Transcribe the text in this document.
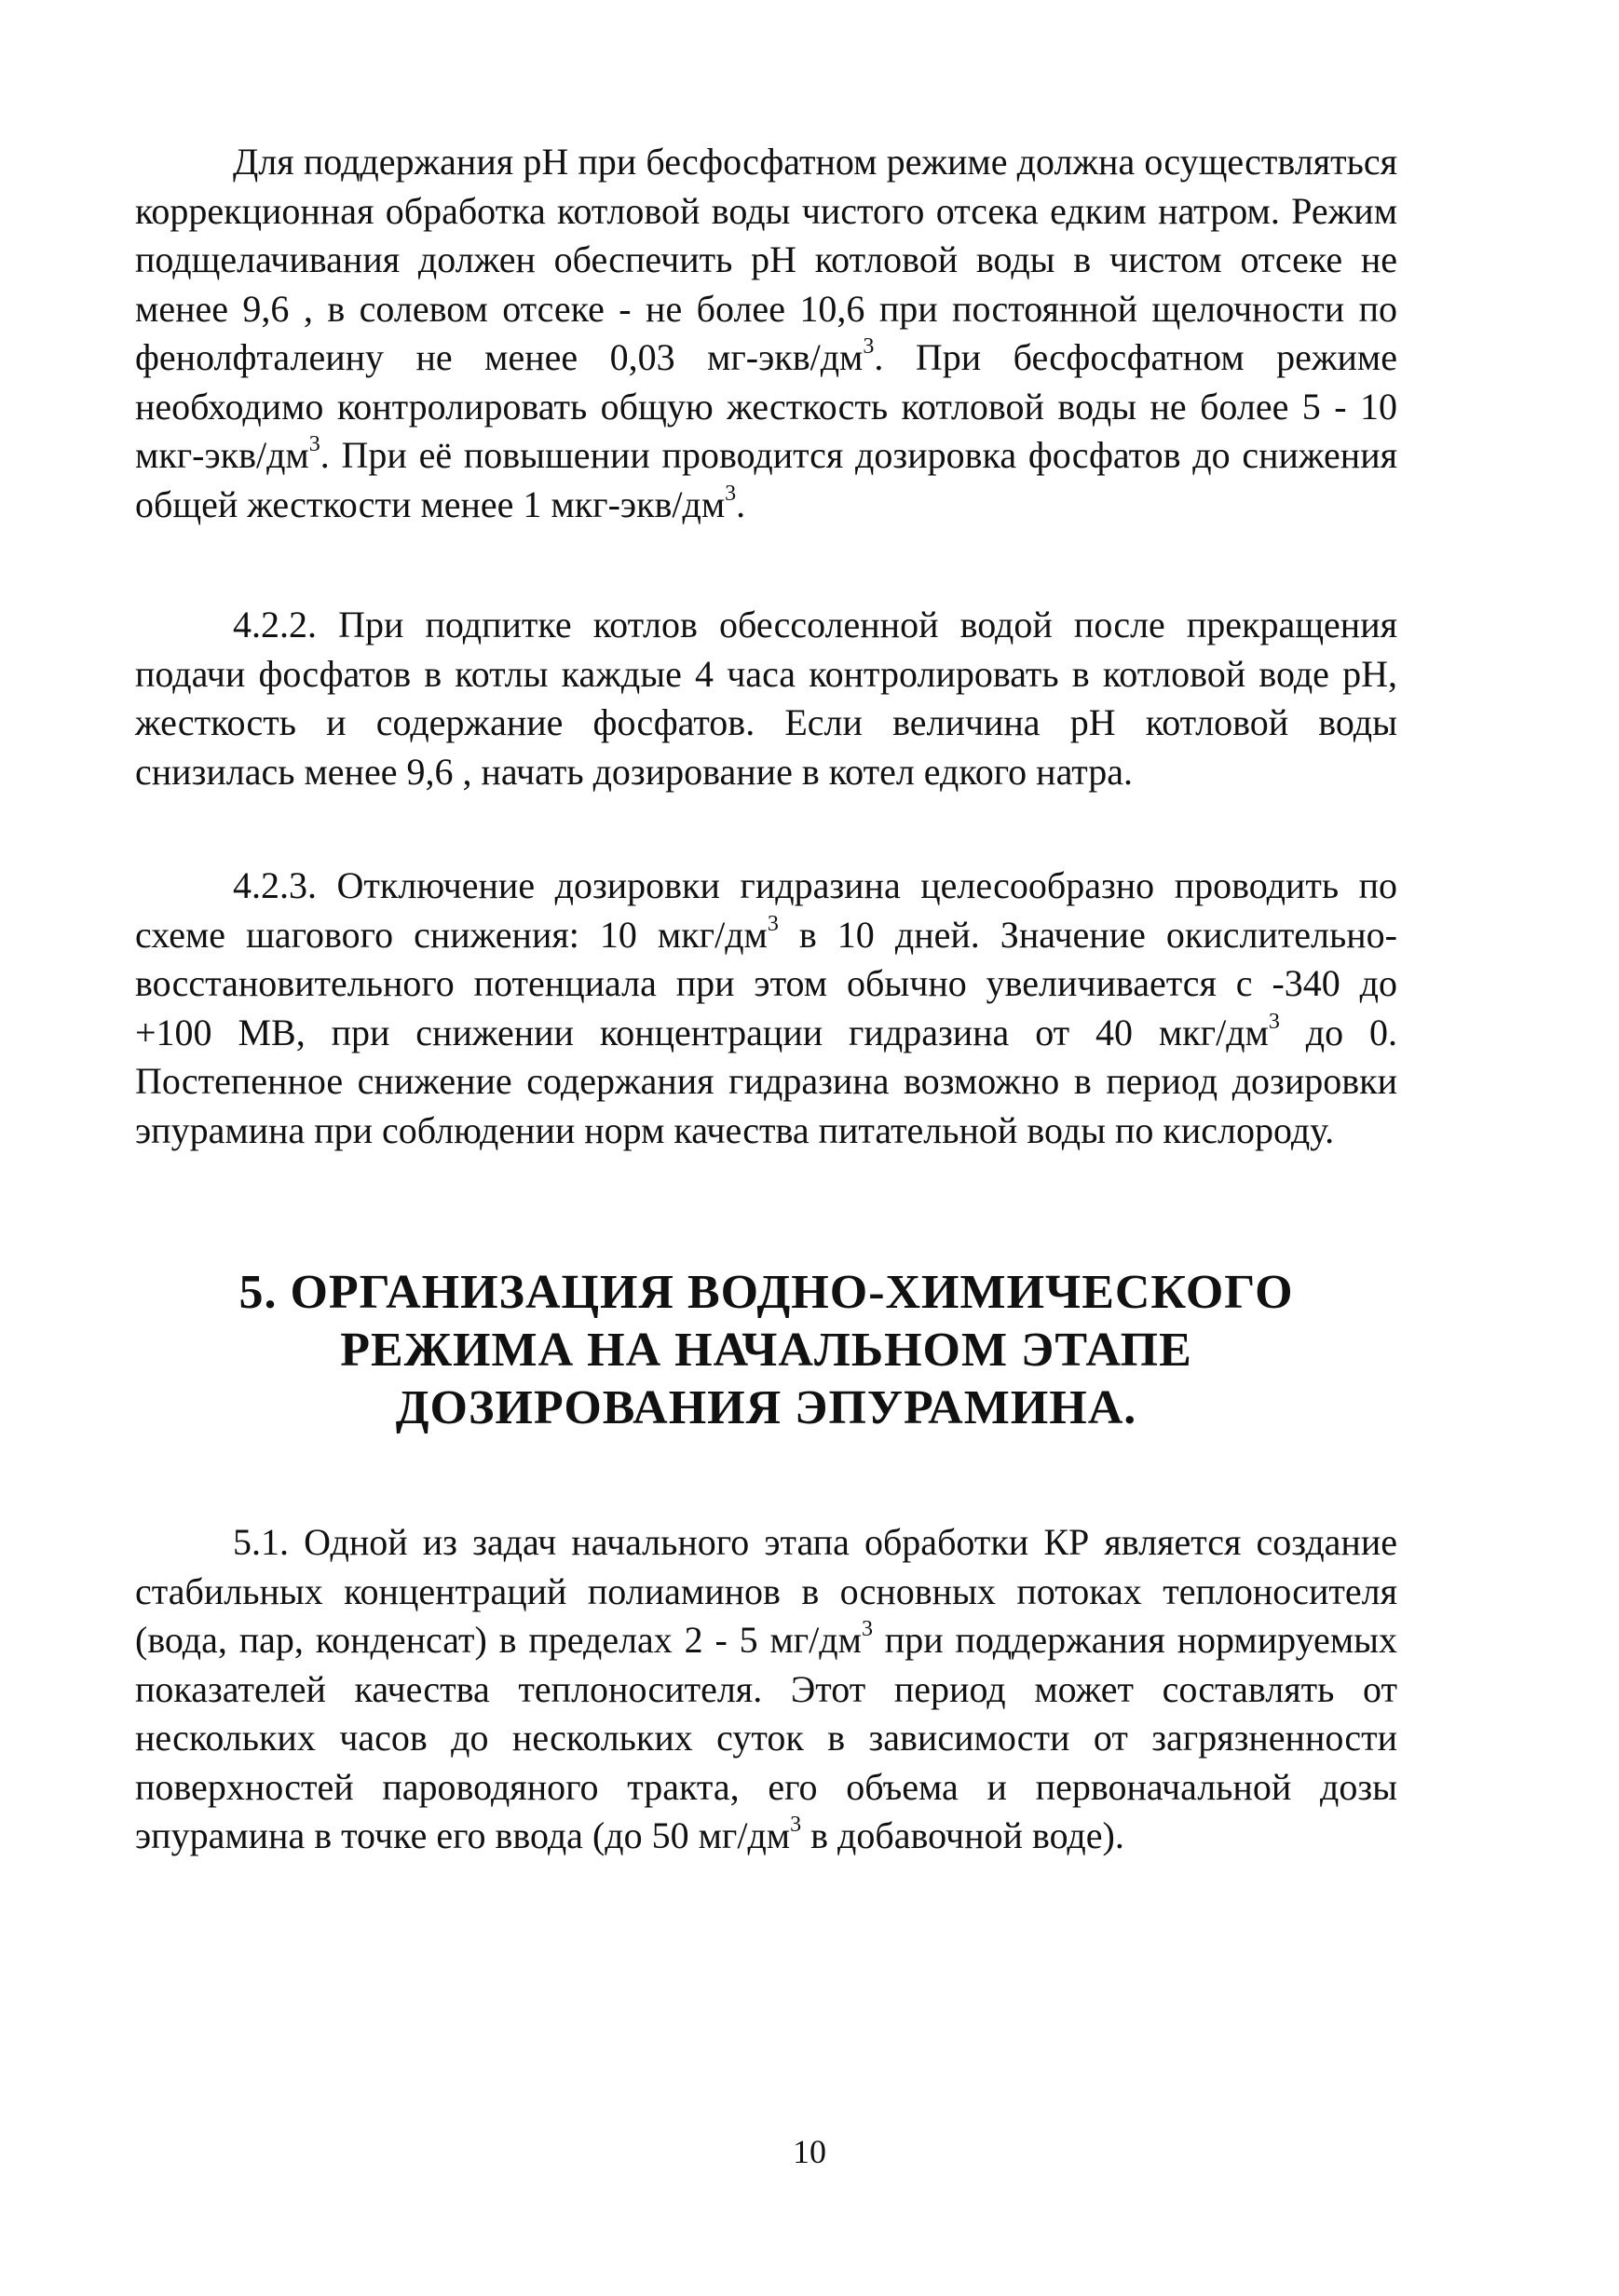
Для поддержания pH при бесфосфатном режиме должна осуществляться коррекционная обработка котловой воды чистого отсека едким натром. Режим подщелачивания должен обеспечить pH котловой воды в чистом отсеке не менее 9,6 , в солевом отсеке - не более 10,6 при постоянной щелочности по фенолфталеину не менее 0,03 $мг-экв/дм^3$. При бесфосфатном режиме необходимо контролировать общую жесткость котловой воды не более 5 - 10 мкг-$экв/дм^3$. При её повышении проводится дозировка фосфатов до снижения общей жесткости менее 1 мкг-$экв/дм^3$.

4.2.2. При подпитке котлов обессоленной водой после прекращения подачи фосфатов в котлы каждые 4 часа контролировать в котловой воде pH, жесткость и содержание фосфатов. Если величина pH котловой воды снизилась менее 9,6 , начать дозирование в котел едкого натра.

4.2.3. Отключение дозировки гидразина целесообразно проводить по схеме шагового снижения: 10 мкг/$дм^3$ в 10 дней. Значение окислительно-восстановительного потенциала при этом обычно увеличивается с -340 до +100 МВ, при снижении концентрации гидразина от 40 мкг/$дм^3$ до 0. Постепенное снижение содержания гидразина возможно в период дозировки эпурамина при соблюдении норм качества питательной воды по кислороду.

5. ОРГАНИЗАЦИЯ ВОДНО-ХИМИЧЕСКОГО
РЕЖИМА НА НАЧАЛЬНОМ ЭТАПЕ
ДОЗИРОВАНИЯ ЭПУРАМИНА.

5.1. Одной из задач начального этапа обработки КР является создание стабильных концентраций полиаминов в основных потоках теплоносителя (вода, пар, конденсат) в пределах 2 - 5 $мг/дм^3$ при поддержания нормируемых показателей качества теплоносителя. Этот период может составлять от нескольких часов до нескольких суток в зависимости от загрязненности поверхностей пароводяного тракта, его объема и первоначальной дозы эпурамина в точке его ввода (до 50 $мг/дм^3$ в добавочной воде).

10
